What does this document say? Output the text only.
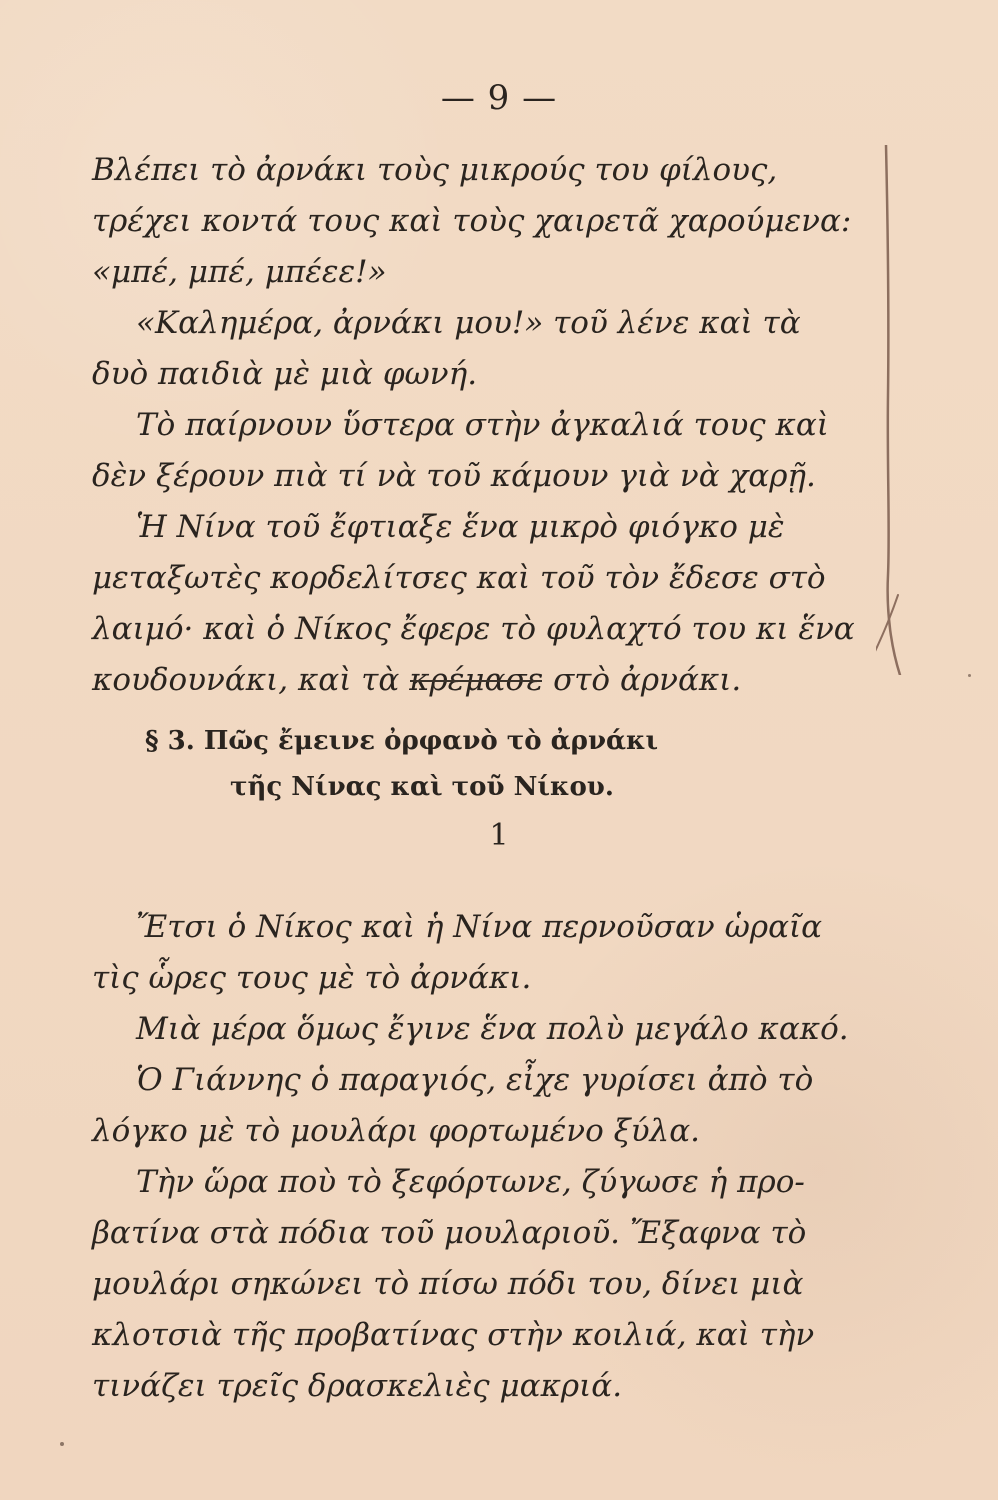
— 9 —
Βλέπει τὸ ἀρνάκι τοὺς μικρούς του φίλους,
τρέχει κοντά τους καὶ τοὺς χαιρετᾶ χαρούμενα:
«μπέ, μπέ, μπέεε!»
«Καλημέρα, ἀρνάκι μου!» τοῦ λένε καὶ τὰ
δυὸ παιδιὰ μὲ μιὰ φωνή.
Τὸ παίρνουν ὕστερα στὴν ἀγκαλιά τους καὶ
δὲν ξέρουν πιὰ τί νὰ τοῦ κάμουν γιὰ νὰ χαρῇ.
Ἡ Νίνα τοῦ ἔφτιαξε ἕνα μικρὸ φιόγκο μὲ
μεταξωτὲς κορδελίτσες καὶ τοῦ τὸν ἔδεσε στὸ
λαιμό· καὶ ὁ Νίκος ἔφερε τὸ φυλαχτό του κι ἕνα
κουδουνάκι, καὶ τὰ κρέμασε στὸ ἀρνάκι.
§ 3. Πῶς ἔμεινε ὀρφανὸ τὸ ἀρνάκι
τῆς Νίνας καὶ τοῦ Νίκου.
1
Ἔτσι ὁ Νίκος καὶ ἡ Νίνα περνοῦσαν ὡραῖα
τὶς ὧρες τους μὲ τὸ ἀρνάκι.
Μιὰ μέρα ὅμως ἔγινε ἕνα πολὺ μεγάλο κακό.
Ὁ Γιάννης ὁ παραγιός, εἶχε γυρίσει ἀπὸ τὸ
λόγκο μὲ τὸ μουλάρι φορτωμένο ξύλα.
Τὴν ὥρα ποὺ τὸ ξεφόρτωνε, ζύγωσε ἡ προ-
βατίνα στὰ πόδια τοῦ μουλαριοῦ. Ἔξαφνα τὸ
μουλάρι σηκώνει τὸ πίσω πόδι του, δίνει μιὰ
κλοτσιὰ τῆς προβατίνας στὴν κοιλιά, καὶ τὴν
τινάζει τρεῖς δρασκελιὲς μακριά.
